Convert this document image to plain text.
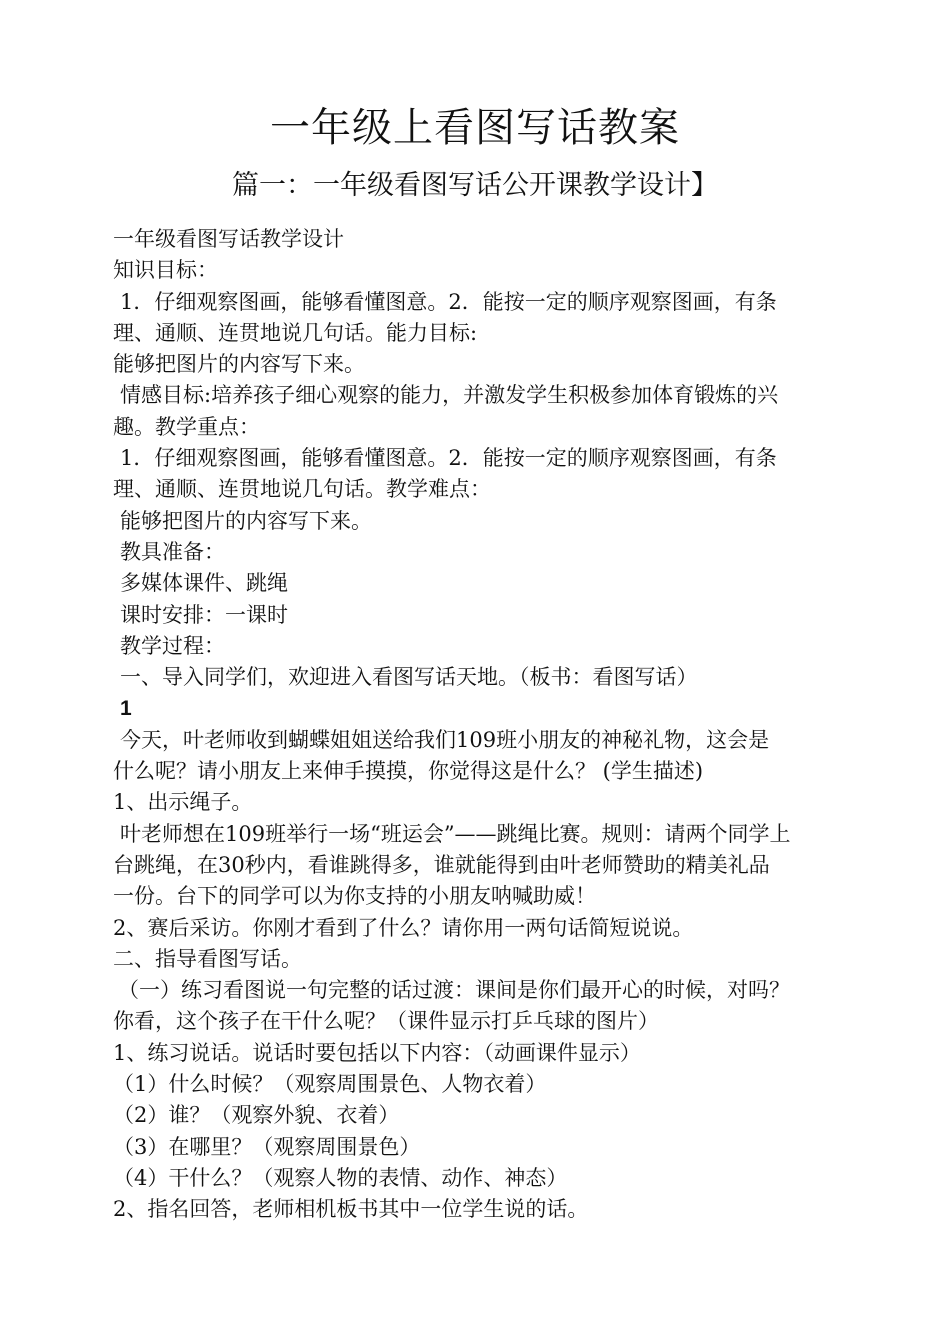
一年级上看图写话教案
篇一：一年级看图写话公开课教学设计】
一年级看图写话教学设计
知识目标：
1．仔细观察图画，能够看懂图意。2．能按一定的顺序观察图画，有条
理、通顺、连贯地说几句话。能力目标:
能够把图片的内容写下来。
情感目标:培养孩子细心观察的能力，并激发学生积极参加体育锻炼的兴
趣。教学重点：
1．仔细观察图画，能够看懂图意。2．能按一定的顺序观察图画，有条
理、通顺、连贯地说几句话。教学难点：
能够把图片的内容写下来。
教具准备：
多媒体课件、跳绳
课时安排：一课时
教学过程：
一、导入同学们，欢迎进入看图写话天地。（板书：看图写话）
1
今天，叶老师收到蝴蝶姐姐送给我们109班小朋友的神秘礼物，这会是
什么呢？请小朋友上来伸手摸摸，你觉得这是什么？ (学生描述)
1、出示绳子。
叶老师想在109班举行一场“班运会”——跳绳比赛。规则：请两个同学上
台跳绳，在30秒内，看谁跳得多，谁就能得到由叶老师赞助的精美礼品
一份。台下的同学可以为你支持的小朋友呐喊助威！
2、赛后采访。你刚才看到了什么？请你用一两句话简短说说。
二、指导看图写话。
（一）练习看图说一句完整的话过渡：课间是你们最开心的时候，对吗？
你看，这个孩子在干什么呢？（课件显示打乒乓球的图片）
1、练习说话。说话时要包括以下内容：（动画课件显示）
（1）什么时候？（观察周围景色、人物衣着）
（2）谁？（观察外貌、衣着）
（3）在哪里？（观察周围景色）
（4）干什么？（观察人物的表情、动作、神态）
2、指名回答，老师相机板书其中一位学生说的话。
